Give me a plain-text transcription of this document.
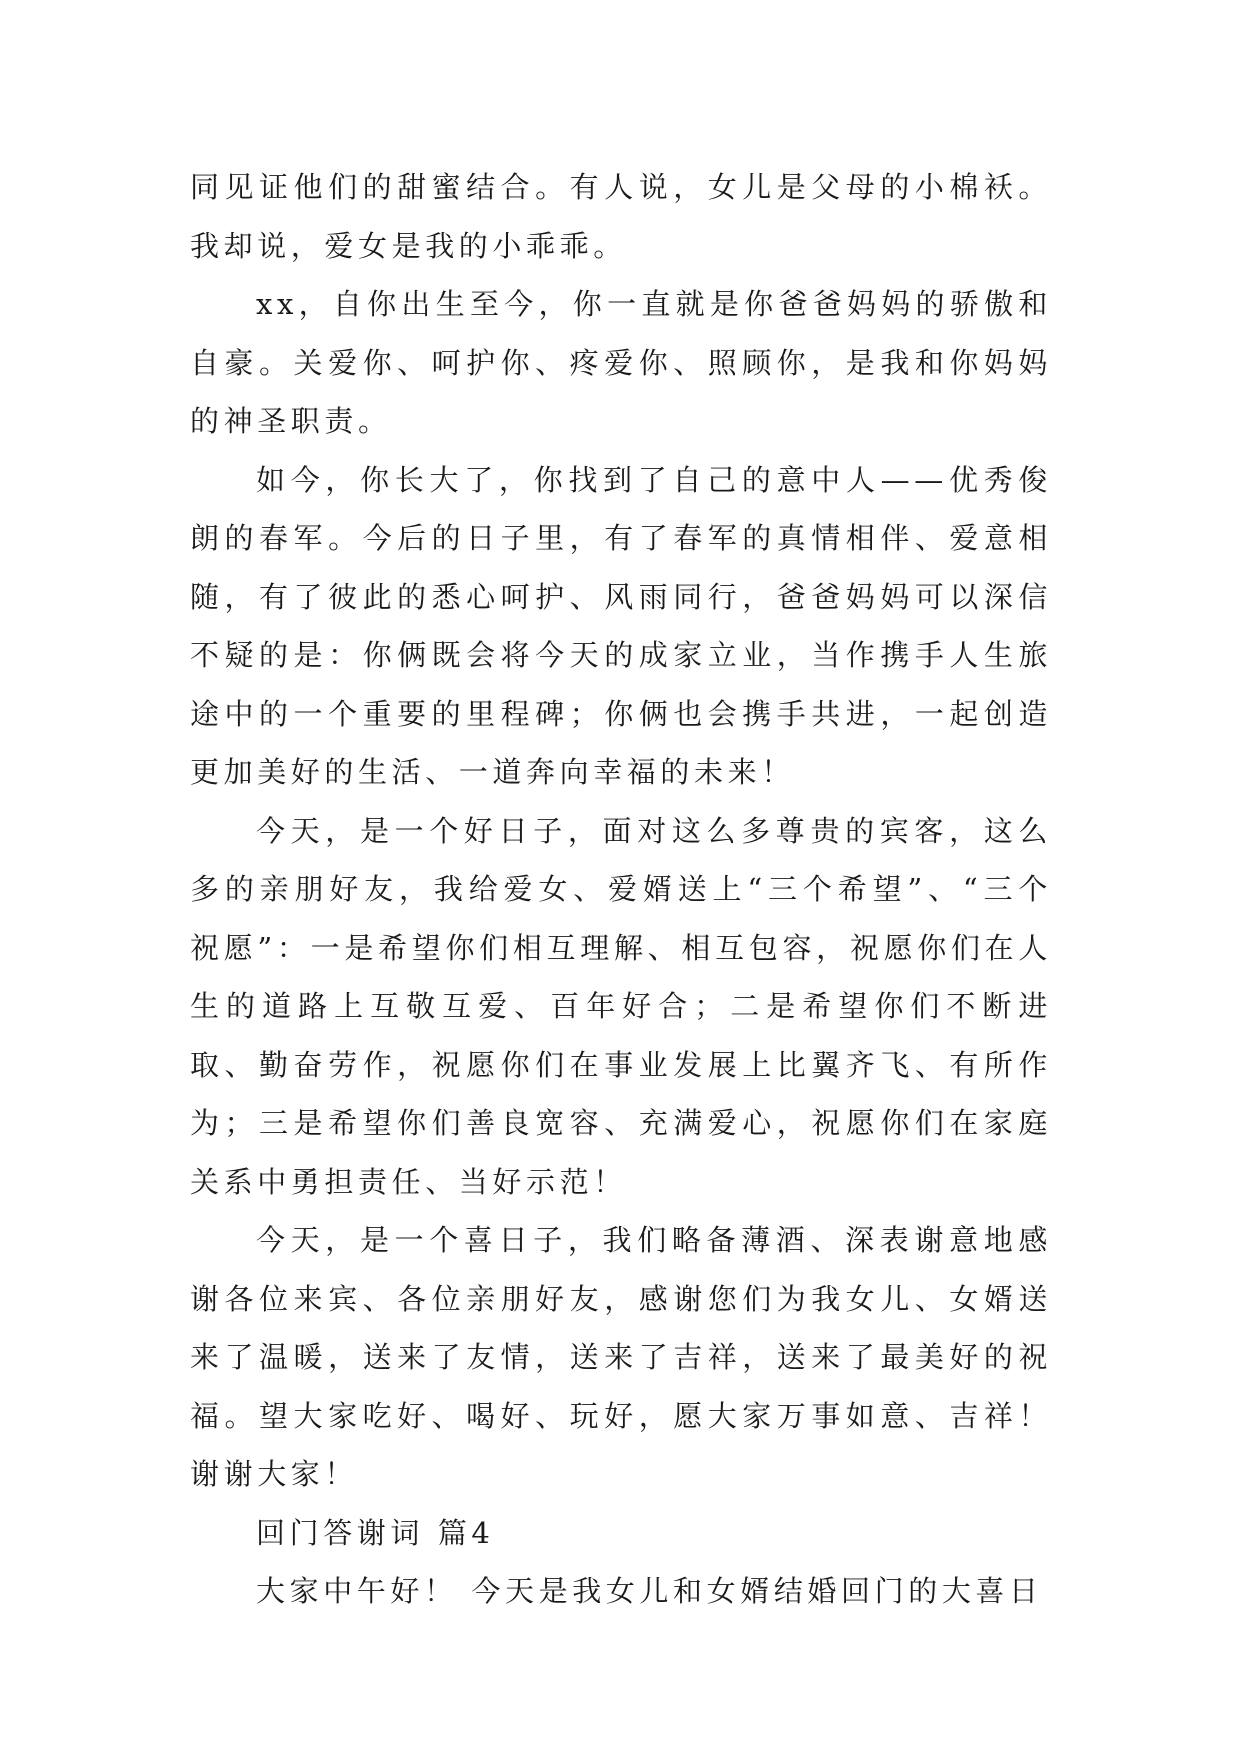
同见证他们的甜蜜结合。有人说，女儿是父母的小棉袄。我却说，爱女是我的小乖乖。

xx，自你出生至今，你一直就是你爸爸妈妈的骄傲和自豪。关爱你、呵护你、疼爱你、照顾你，是我和你妈妈的神圣职责。

如今，你长大了，你找到了自己的意中人——优秀俊朗的春军。今后的日子里，有了春军的真情相伴、爱意相随，有了彼此的悉心呵护、风雨同行，爸爸妈妈可以深信不疑的是：你俩既会将今天的成家立业，当作携手人生旅途中的一个重要的里程碑；你俩也会携手共进，一起创造更加美好的生活、一道奔向幸福的未来！

今天，是一个好日子，面对这么多尊贵的宾客，这么多的亲朋好友，我给爱女、爱婿送上“三个希望”、“三个祝愿”：一是希望你们相互理解、相互包容，祝愿你们在人生的道路上互敬互爱、百年好合；二是希望你们不断进取、勤奋劳作，祝愿你们在事业发展上比翼齐飞、有所作为；三是希望你们善良宽容、充满爱心，祝愿你们在家庭关系中勇担责任、当好示范！

今天，是一个喜日子，我们略备薄酒、深表谢意地感谢各位来宾、各位亲朋好友，感谢您们为我女儿、女婿送来了温暖，送来了友情，送来了吉祥，送来了最美好的祝福。望大家吃好、喝好、玩好，愿大家万事如意、吉祥！谢谢大家！

回门答谢词 篇4

大家中午好！ 今天是我女儿和女婿结婚回门的大喜日
